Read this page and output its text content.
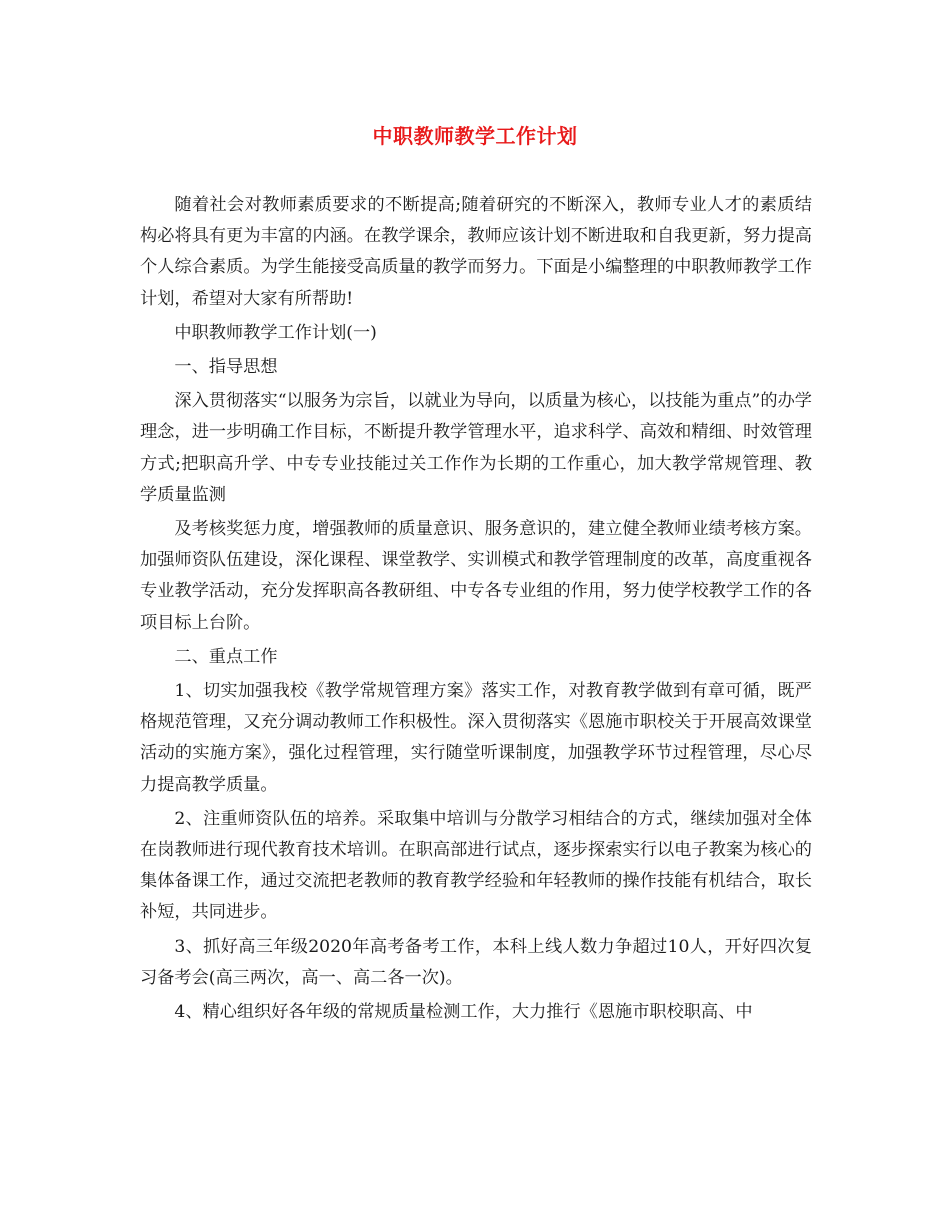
中职教师教学工作计划

随着社会对教师素质要求的不断提高;随着研究的不断深入，教师专业人才的素质结构必将具有更为丰富的内涵。在教学课余，教师应该计划不断进取和自我更新，努力提高个人综合素质。为学生能接受高质量的教学而努力。下面是小编整理的中职教师教学工作计划，希望对大家有所帮助!

中职教师教学工作计划(一)

一、指导思想

深入贯彻落实“以服务为宗旨，以就业为导向，以质量为核心，以技能为重点”的办学理念，进一步明确工作目标，不断提升教学管理水平，追求科学、高效和精细、时效管理方式;把职高升学、中专专业技能过关工作作为长期的工作重心，加大教学常规管理、教学质量监测

及考核奖惩力度，增强教师的质量意识、服务意识的，建立健全教师业绩考核方案。加强师资队伍建设，深化课程、课堂教学、实训模式和教学管理制度的改革，高度重视各专业教学活动，充分发挥职高各教研组、中专各专业组的作用，努力使学校教学工作的各项目标上台阶。

二、重点工作

1、切实加强我校《教学常规管理方案》落实工作，对教育教学做到有章可循，既严格规范管理，又充分调动教师工作积极性。深入贯彻落实《恩施市职校关于开展高效课堂活动的实施方案》，强化过程管理，实行随堂听课制度，加强教学环节过程管理，尽心尽力提高教学质量。

2、注重师资队伍的培养。采取集中培训与分散学习相结合的方式，继续加强对全体在岗教师进行现代教育技术培训。在职高部进行试点，逐步探索实行以电子教案为核心的集体备课工作，通过交流把老教师的教育教学经验和年轻教师的操作技能有机结合，取长补短，共同进步。

3、抓好高三年级2020年高考备考工作，本科上线人数力争超过10人，开好四次复习备考会(高三两次，高一、高二各一次)。

4、精心组织好各年级的常规质量检测工作，大力推行《恩施市职校职高、中
